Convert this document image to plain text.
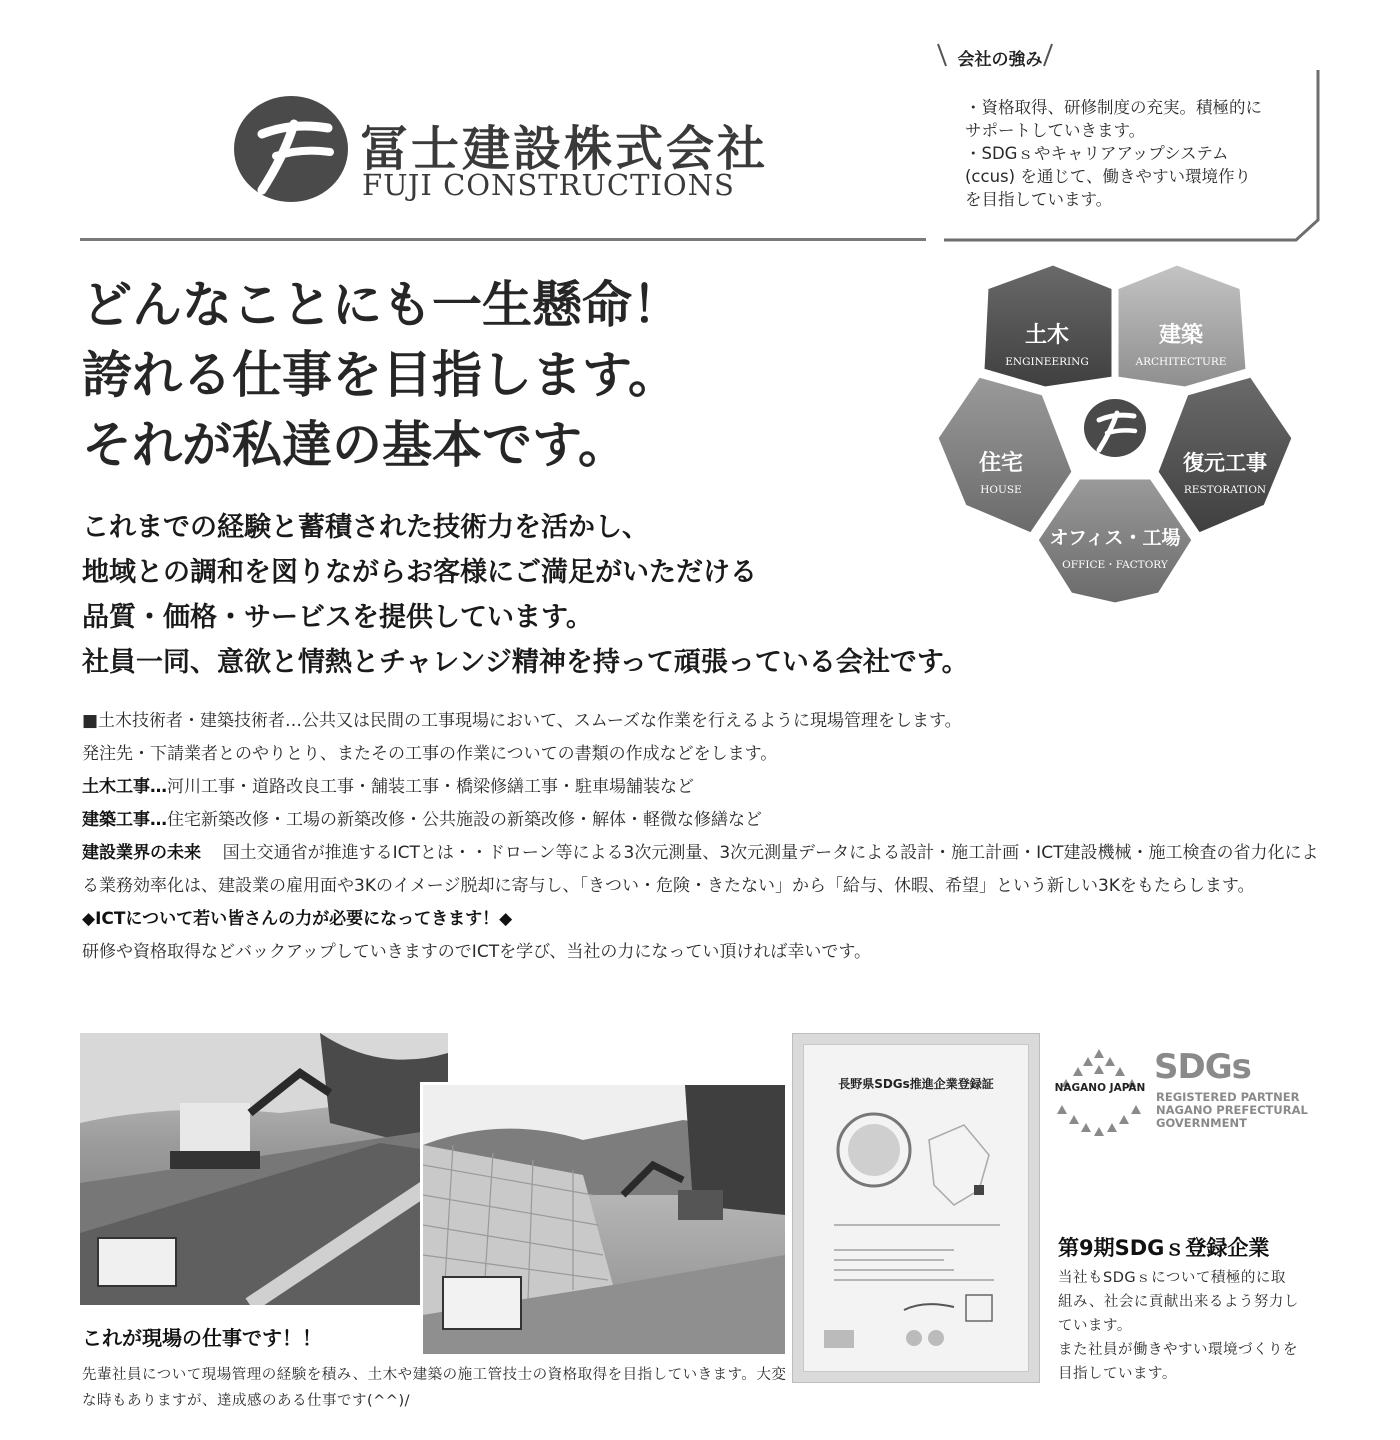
冨士建設株式会社
FUJI CONSTRUCTIONS
会社の強み

・資格取得、研修制度の充実。積極的に

サポートしていきます。

・SDGｓやキャリアアップシステム

(ccus) を通じて、働きやすい環境作り

を目指しています。

どんなことにも一生懸命！

誇れる仕事を目指します。

それが私達の基本です。

これまでの経験と蓄積された技術力を活かし、

地域との調和を図りながらお客様にご満足がいただける

品質・価格・サービスを提供しています。

社員一同、意欲と情熱とチャレンジ精神を持って頑張っている会社です。

土木
ENGINEERING
建築
ARCHITECTURE
住宅
HOUSE
復元工事
RESTORATION
オフィス・工場
OFFICE・FACTORY

■土木技術者・建築技術者…公共又は民間の工事現場において、スムーズな作業を行えるように現場管理をします。

発注先・下請業者とのやりとり、またその工事の作業についての書類の作成などをします。

土木工事…河川工事・道路改良工事・舗装工事・橋梁修繕工事・駐車場舗装など

建築工事…住宅新築改修・工場の新築改修・公共施設の新築改修・解体・軽微な修繕など

建設業界の未来 国土交通省が推進するICTとは・・ドローン等による3次元測量、3次元測量データによる設計・施工計画・ICT建設機械・施工検査の省力化による業務効率化は、建設業の雇用面や3Kのイメージ脱却に寄与し、「きつい・危険・きたない」から「給与、休暇、希望」という新しい3Kをもたらします。

◆ICTについて若い皆さんの力が必要になってきます！◆

研修や資格取得などバックアップしていきますのでICTを学び、当社の力になってい頂ければ幸いです。

これが現場の仕事です！！
先輩社員について現場管理の経験を積み、土木や建築の施工管技士の資格取得を目指していきます。大変な時もありますが、達成感のある仕事です(^^)/
長野県SDGs推進企業登録証	NAGANO JAPAN
SDGs
REGISTERED PARTNER
NAGANO PREFECTURAL
GOVERNMENT
第9期SDGｓ登録企業

当社もSDGｓについて積極的に取

組み、社会に貢献出来るよう努力し

ています。

また社員が働きやすい環境づくりを

目指しています。
